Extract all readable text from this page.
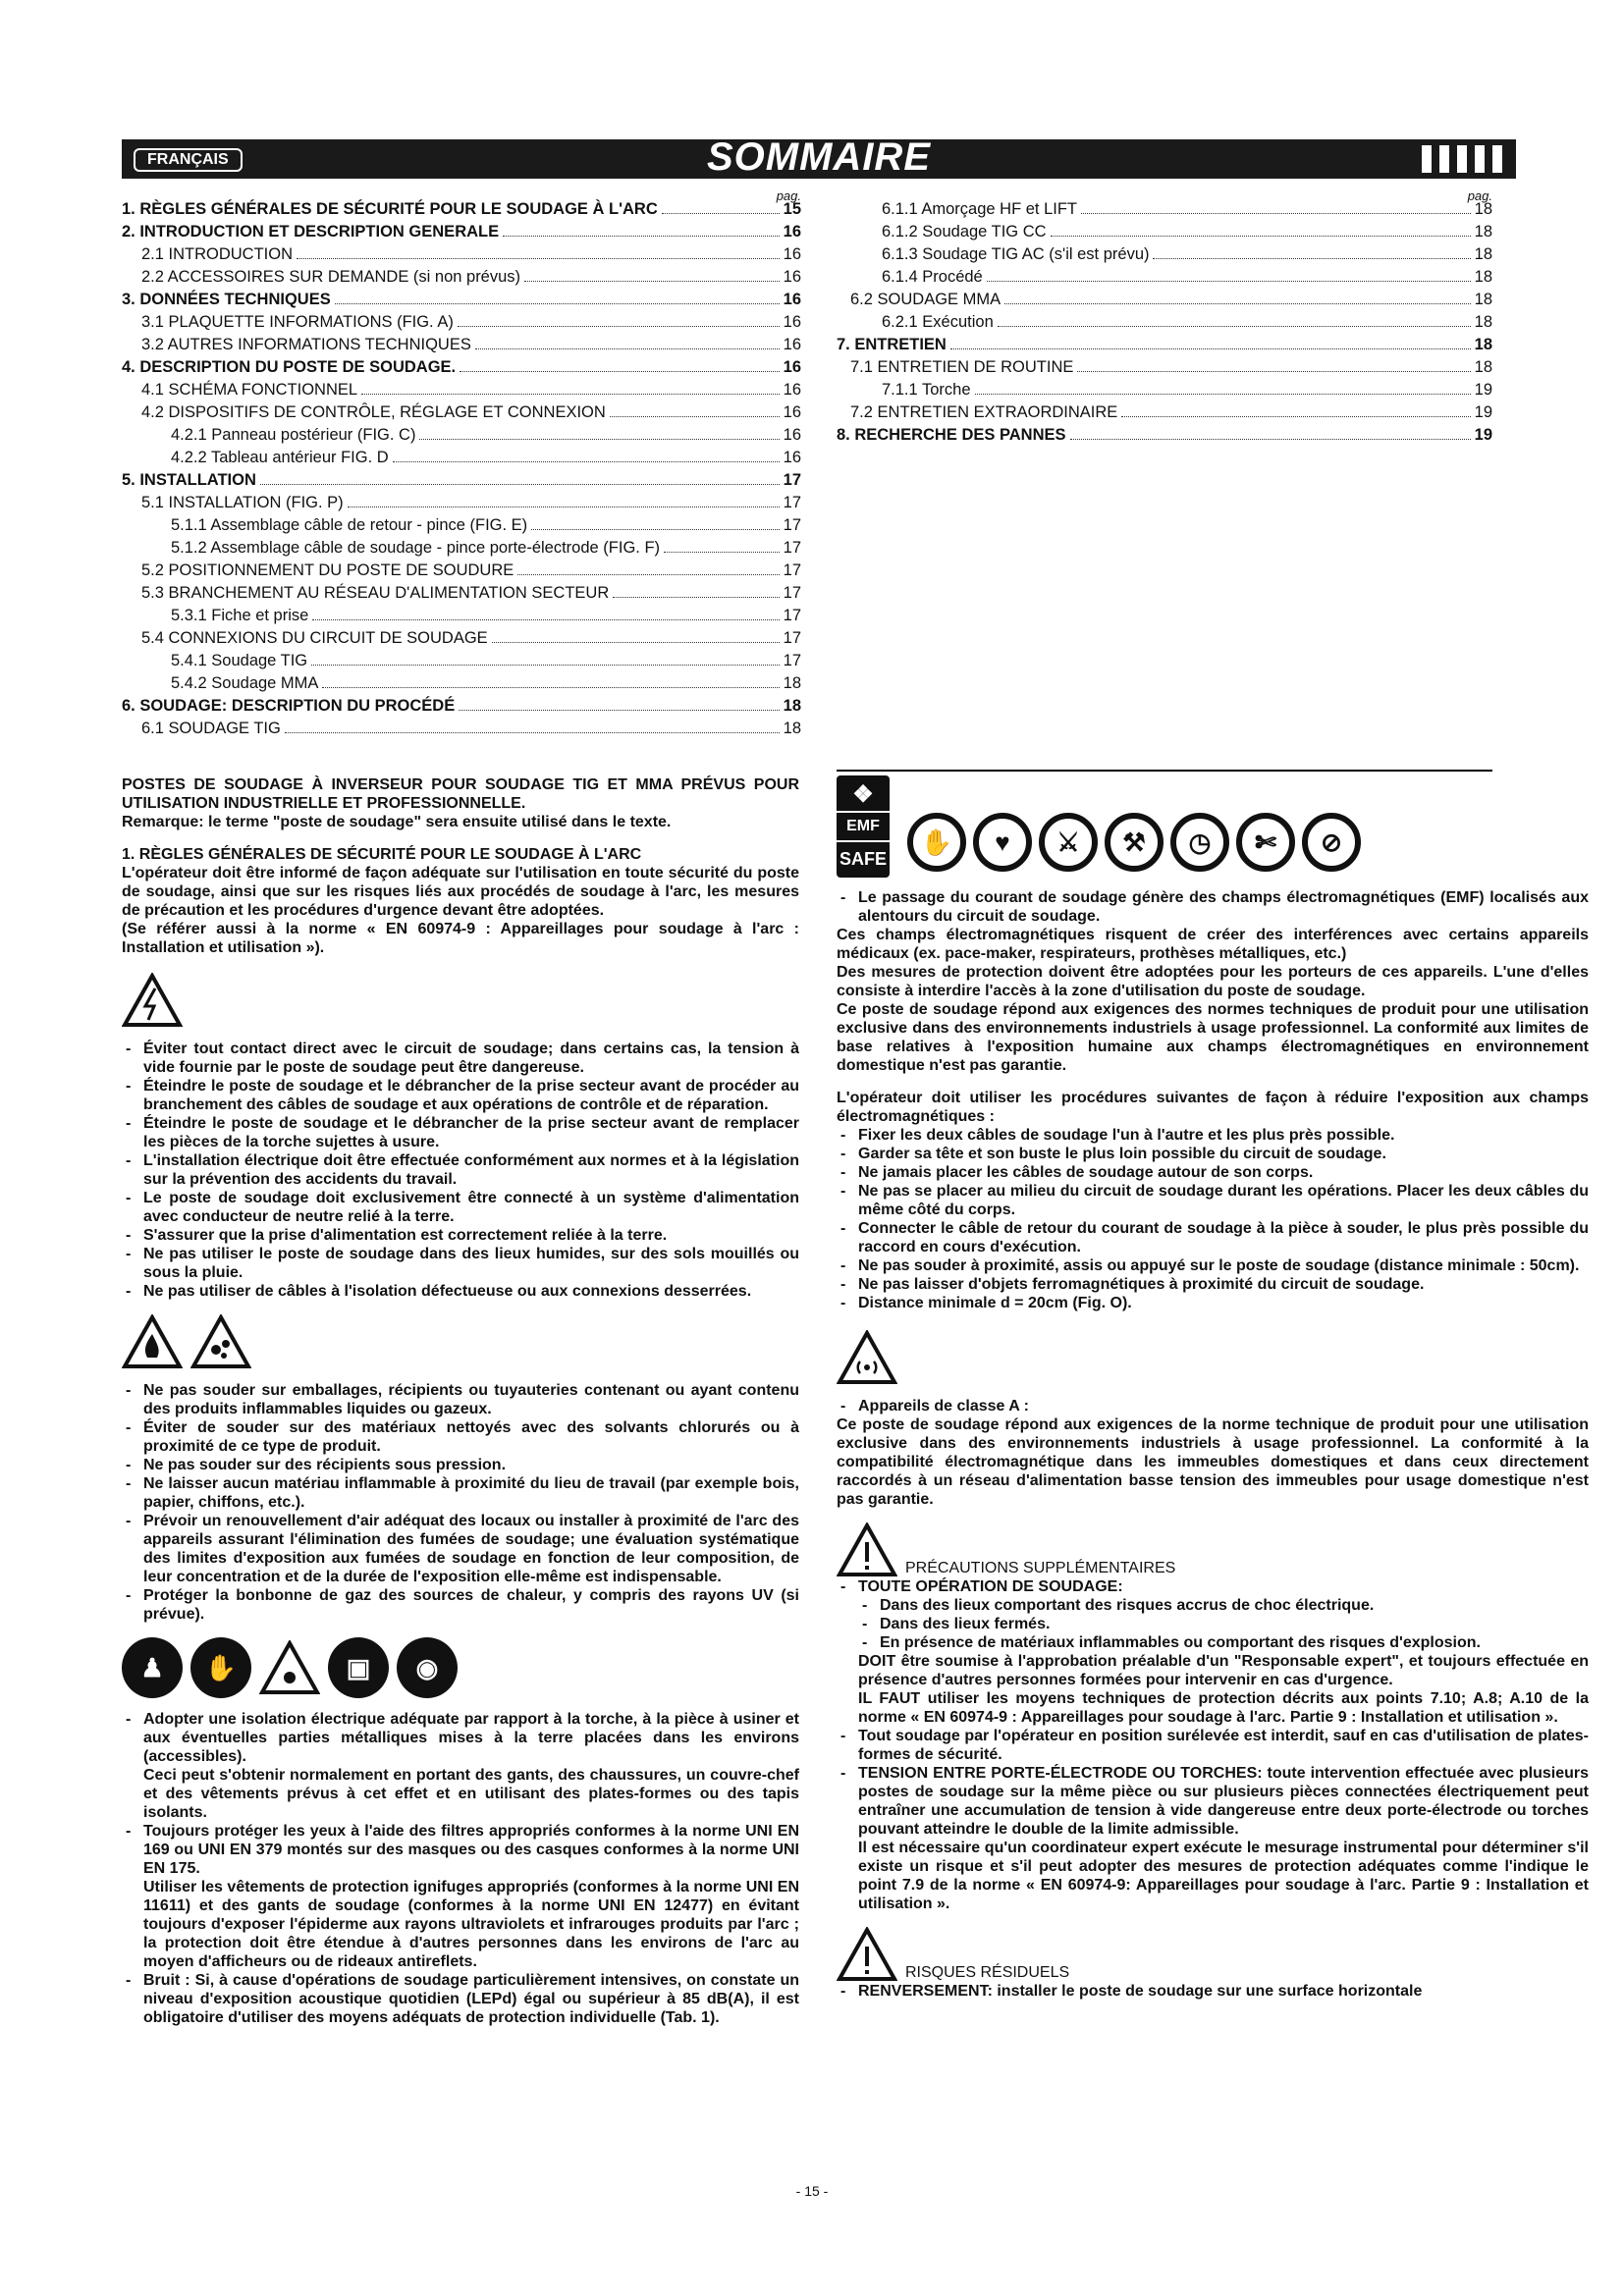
FRANÇAIS	SOMMAIRE
pag.
1. RÈGLES GÉNÉRALES DE SÉCURITÉ POUR LE SOUDAGE À L'ARC	15
2. INTRODUCTION ET DESCRIPTION GENERALE	16
2.1 INTRODUCTION	16
2.2 ACCESSOIRES SUR DEMANDE (si non prévus)	16
3. DONNÉES TECHNIQUES	16
3.1 PLAQUETTE INFORMATIONS (FIG. A)	16
3.2 AUTRES INFORMATIONS TECHNIQUES	16
4. DESCRIPTION DU POSTE DE SOUDAGE.	16
4.1 SCHÉMA FONCTIONNEL	16
4.2 DISPOSITIFS DE CONTRÔLE, RÉGLAGE ET CONNEXION	16
4.2.1 Panneau postérieur (FIG. C)	16
4.2.2 Tableau antérieur FIG. D	16
5. INSTALLATION	17
5.1 INSTALLATION (FIG. P)	17
5.1.1 Assemblage câble de retour - pince (FIG. E)	17
5.1.2 Assemblage câble de soudage - pince porte-électrode (FIG. F)	17
5.2 POSITIONNEMENT DU POSTE DE SOUDURE	17
5.3 BRANCHEMENT AU RÉSEAU D'ALIMENTATION SECTEUR	17
5.3.1 Fiche et prise	17
5.4 CONNEXIONS DU CIRCUIT DE SOUDAGE	17
5.4.1 Soudage TIG	17
5.4.2 Soudage MMA	18
6. SOUDAGE: DESCRIPTION DU PROCÉDÉ	18
6.1 SOUDAGE TIG	18
pag.
6.1.1 Amorçage HF et LIFT	18
6.1.2 Soudage TIG CC	18
6.1.3 Soudage TIG AC (s'il est prévu)	18
6.1.4 Procédé	18
6.2 SOUDAGE MMA	18
6.2.1 Exécution	18
7. ENTRETIEN	18
7.1 ENTRETIEN DE ROUTINE	18
7.1.1 Torche	19
7.2 ENTRETIEN EXTRAORDINAIRE	19
8. RECHERCHE DES PANNES	19

POSTES DE SOUDAGE À INVERSEUR POUR SOUDAGE TIG ET MMA PRÉVUS POUR UTILISATION INDUSTRIELLE ET PROFESSIONNELLE.

Remarque: le terme "poste de soudage" sera ensuite utilisé dans le texte.

1. RÈGLES GÉNÉRALES DE SÉCURITÉ POUR LE SOUDAGE À L'ARC

L'opérateur doit être informé de façon adéquate sur l'utilisation en toute sécurité du poste de soudage, ainsi que sur les risques liés aux procédés de soudage à l'arc, les mesures de précaution et les procédures d'urgence devant être adoptées.

(Se référer aussi à la norme « EN 60974-9 : Appareillages pour soudage à l'arc : Installation et utilisation »).

- Éviter tout contact direct avec le circuit de soudage; dans certains cas, la tension à vide fournie par le poste de soudage peut être dangereuse.
- Éteindre le poste de soudage et le débrancher de la prise secteur avant de procéder au branchement des câbles de soudage et aux opérations de contrôle et de réparation.
- Éteindre le poste de soudage et le débrancher de la prise secteur avant de remplacer les pièces de la torche sujettes à usure.
- L'installation électrique doit être effectuée conformément aux normes et à la législation sur la prévention des accidents du travail.
- Le poste de soudage doit exclusivement être connecté à un système d'alimentation avec conducteur de neutre relié à la terre.
- S'assurer que la prise d'alimentation est correctement reliée à la terre.
- Ne pas utiliser le poste de soudage dans des lieux humides, sur des sols mouillés ou sous la pluie.
- Ne pas utiliser de câbles à l'isolation défectueuse ou aux connexions desserrées.
- Ne pas souder sur emballages, récipients ou tuyauteries contenant ou ayant contenu des produits inflammables liquides ou gazeux.
- Éviter de souder sur des matériaux nettoyés avec des solvants chlorurés ou à proximité de ce type de produit.
- Ne pas souder sur des récipients sous pression.
- Ne laisser aucun matériau inflammable à proximité du lieu de travail (par exemple bois, papier, chiffons, etc.).
- Prévoir un renouvellement d'air adéquat des locaux ou installer à proximité de l'arc des appareils assurant l'élimination des fumées de soudage; une évaluation systématique des limites d'exposition aux fumées de soudage en fonction de leur composition, de leur concentration et de la durée de l'exposition elle-même est indispensable.
- Protéger la bonbonne de gaz des sources de chaleur, y compris des rayons UV (si prévue).
♟	✋	▣	◉
- Adopter une isolation électrique adéquate par rapport à la torche, à la pièce à usiner et aux éventuelles parties métalliques mises à la terre placées dans les environs (accessibles).

Ceci peut s'obtenir normalement en portant des gants, des chaussures, un couvre-chef et des vêtements prévus à cet effet et en utilisant des plates-formes ou des tapis isolants.

- Toujours protéger les yeux à l'aide des filtres appropriés conformes à la norme UNI EN 169 ou UNI EN 379 montés sur des masques ou des casques conformes à la norme UNI EN 175.

Utiliser les vêtements de protection ignifuges appropriés (conformes à la norme UNI EN 11611) et des gants de soudage (conformes à la norme UNI EN 12477) en évitant toujours d'exposer l'épiderme aux rayons ultraviolets et infrarouges produits par l'arc ; la protection doit être étendue à d'autres personnes dans les environs de l'arc au moyen d'afficheurs ou de rideaux antireflets.

- Bruit : Si, à cause d'opérations de soudage particulièrement intensives, on constate un niveau d'exposition acoustique quotidien (LEPd) égal ou supérieur à 85 dB(A), il est obligatoire d'utiliser des moyens adéquats de protection individuelle (Tab. 1).
❖
EMF
SAFE
✋	♥	⚔	⚒	◷	✄	⊘
- Le passage du courant de soudage génère des champs électromagnétiques (EMF) localisés aux alentours du circuit de soudage.

Ces champs électromagnétiques risquent de créer des interférences avec certains appareils médicaux (ex. pace-maker, respirateurs, prothèses métalliques, etc.)

Des mesures de protection doivent être adoptées pour les porteurs de ces appareils. L'une d'elles consiste à interdire l'accès à la zone d'utilisation du poste de soudage.

Ce poste de soudage répond aux exigences des normes techniques de produit pour une utilisation exclusive dans des environnements industriels à usage professionnel. La conformité aux limites de base relatives à l'exposition humaine aux champs électromagnétiques en environnement domestique n'est pas garantie.

L'opérateur doit utiliser les procédures suivantes de façon à réduire l'exposition aux champs électromagnétiques :

- Fixer les deux câbles de soudage l'un à l'autre et les plus près possible.
- Garder sa tête et son buste le plus loin possible du circuit de soudage.
- Ne jamais placer les câbles de soudage autour de son corps.
- Ne pas se placer au milieu du circuit de soudage durant les opérations. Placer les deux câbles du même côté du corps.
- Connecter le câble de retour du courant de soudage à la pièce à souder, le plus près possible du raccord en cours d'exécution.
- Ne pas souder à proximité, assis ou appuyé sur le poste de soudage (distance minimale : 50cm).
- Ne pas laisser d'objets ferromagnétiques à proximité du circuit de soudage.
- Distance minimale d = 20cm (Fig. O).
- Appareils de classe A :

Ce poste de soudage répond aux exigences de la norme technique de produit pour une utilisation exclusive dans des environnements industriels à usage professionnel. La conformité à la compatibilité électromagnétique dans les immeubles domestiques et dans ceux directement raccordés à un réseau d'alimentation basse tension des immeubles pour usage domestique n'est pas garantie.

PRÉCAUTIONS SUPPLÉMENTAIRES
- TOUTE OPÉRATION DE SOUDAGE:
- Dans des lieux comportant des risques accrus de choc électrique.
- Dans des lieux fermés.
- En présence de matériaux inflammables ou comportant des risques d'explosion.

DOIT être soumise à l'approbation préalable d'un "Responsable expert", et toujours effectuée en présence d'autres personnes formées pour intervenir en cas d'urgence.

IL FAUT utiliser les moyens techniques de protection décrits aux points 7.10; A.8; A.10 de la norme « EN 60974-9 : Appareillages pour soudage à l'arc. Partie 9 : Installation et utilisation ».

- Tout soudage par l'opérateur en position surélevée est interdit, sauf en cas d'utilisation de plates-formes de sécurité.
- TENSION ENTRE PORTE-ÉLECTRODE OU TORCHES: toute intervention effectuée avec plusieurs postes de soudage sur la même pièce ou sur plusieurs pièces connectées électriquement peut entraîner une accumulation de tension à vide dangereuse entre deux porte-électrode ou torches pouvant atteindre le double de la limite admissible.

Il est nécessaire qu'un coordinateur expert exécute le mesurage instrumental pour déterminer s'il existe un risque et s'il peut adopter des mesures de protection adéquates comme l'indique le point 7.9 de la norme « EN 60974-9: Appareillages pour soudage à l'arc. Partie 9 : Installation et utilisation ».

RISQUES RÉSIDUELS
- RENVERSEMENT: installer le poste de soudage sur une surface horizontale
- 15 -
